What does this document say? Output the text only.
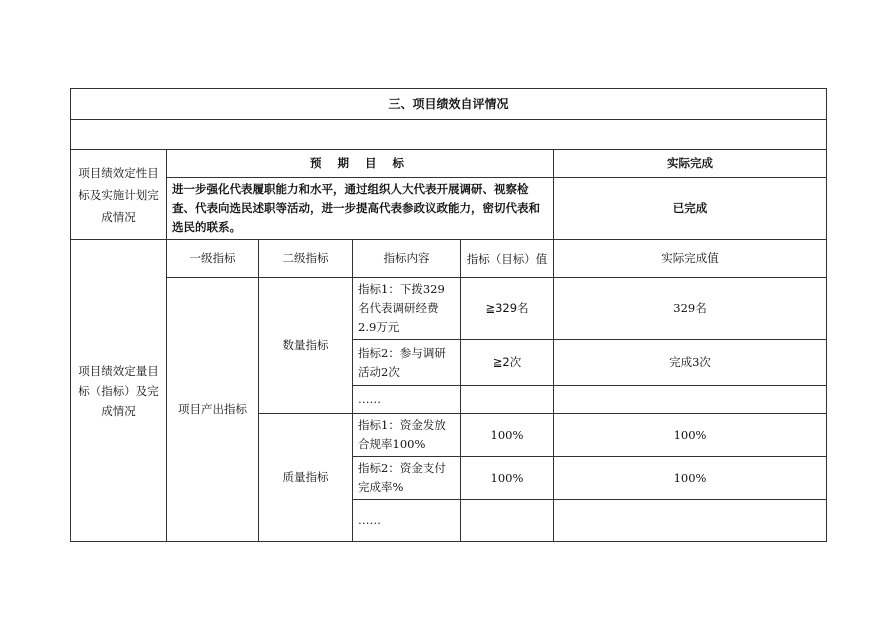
三、项目绩效自评情况					

项目绩效定性目标及实施计划完成情况	预 期 目 标				实际完成
	进一步强化代表履职能力和水平，通过组织人大代表开展调研、视察检查、代表向选民述职等活动，进一步提高代表参政议政能力，密切代表和选民的联系。				已完成
项目绩效定量目标（指标）及完成情况	一级指标	二级指标	指标内容	指标（目标）值	实际完成值
	项目产出指标	数量指标	指标1：下拨329名代表调研经费2.9万元	≧329名	329名
			指标2：参与调研活动2次	≧2次	完成3次
			……		
		质量指标	指标1：资金发放合规率100%	100%	100%
			指标2：资金支付完成率%	100%	100%
			……		
